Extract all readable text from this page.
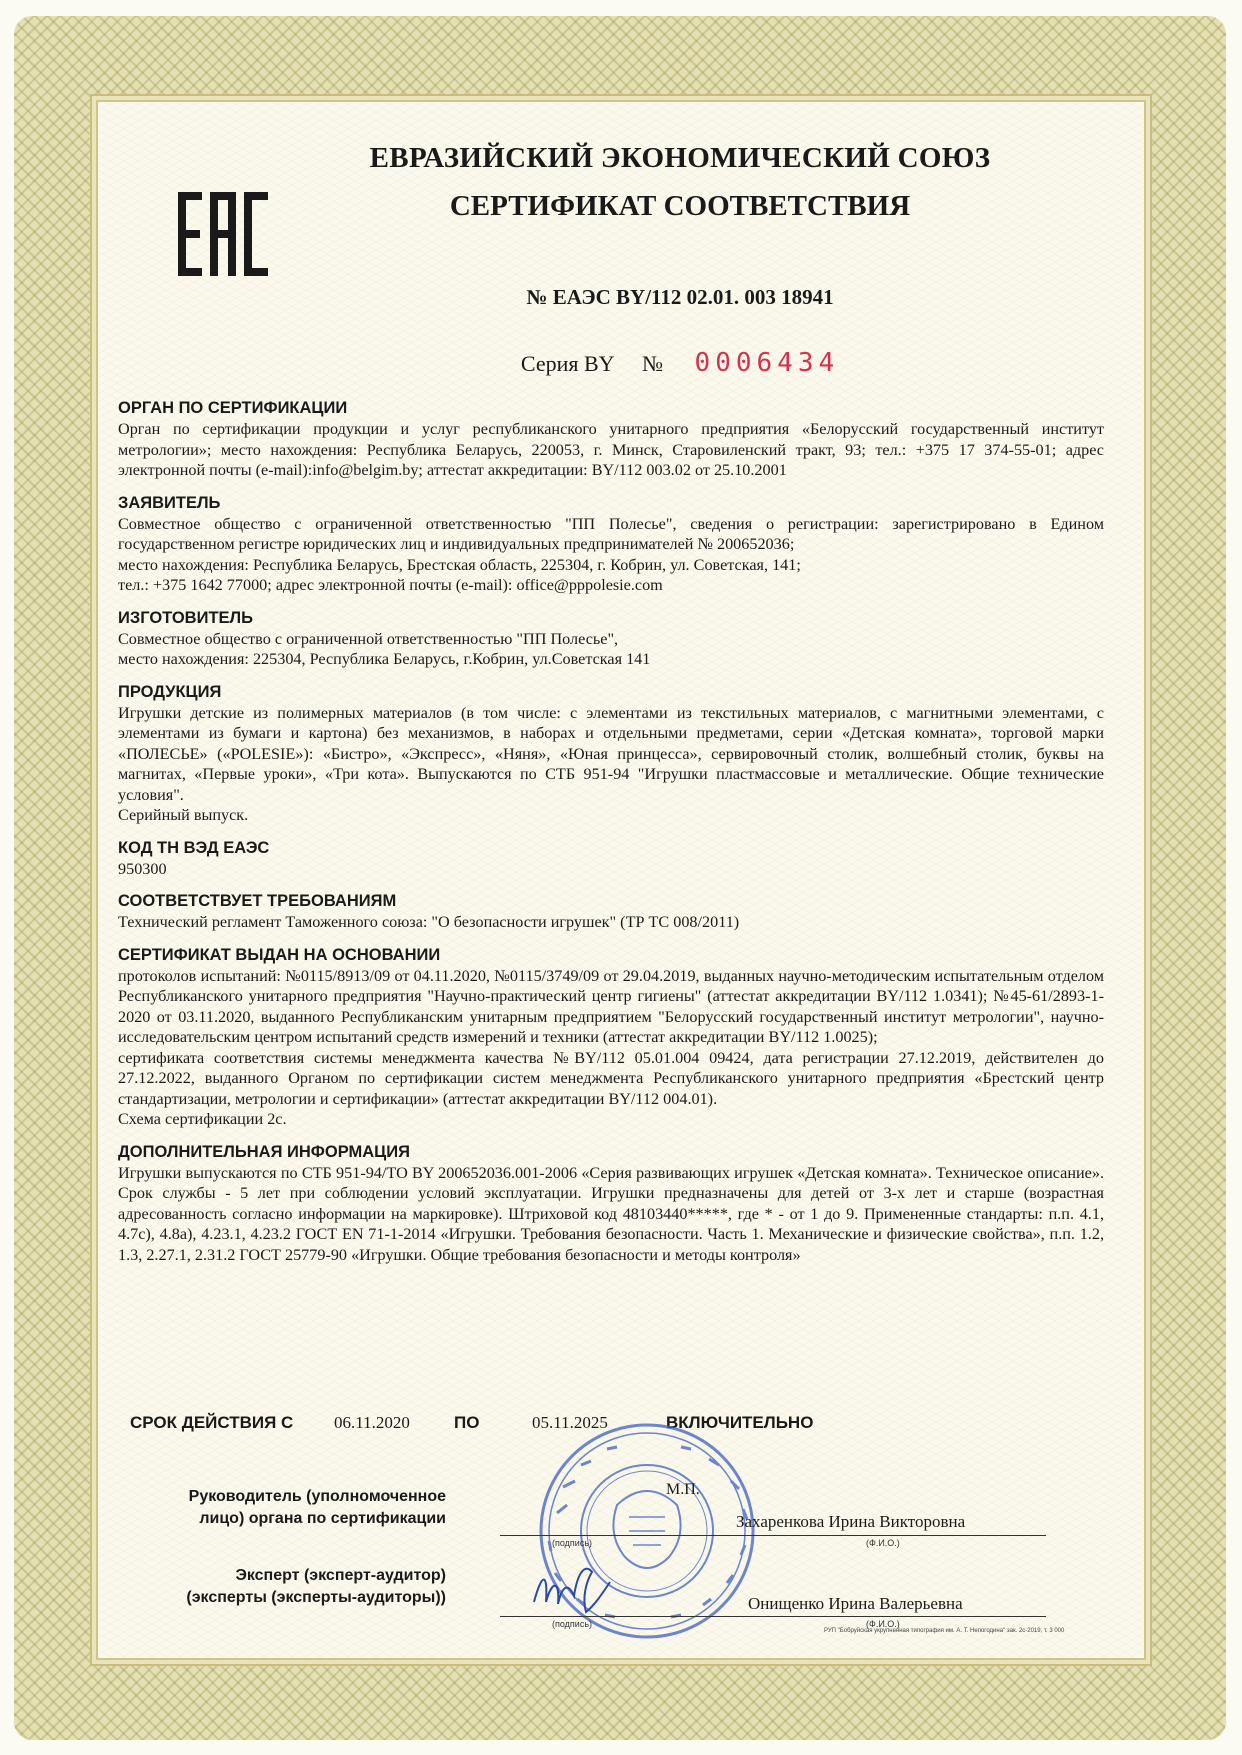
ЕВРАЗИЙСКИЙ ЭКОНОМИЧЕСКИЙ СОЮЗ
СЕРТИФИКАТ СООТВЕТСТВИЯ
№ ЕАЭС BY/112 02.01. 003 18941
Серия BY № 0006434
ОРГАН ПО СЕРТИФИКАЦИИ

Орган по сертификации продукции и услуг республиканского унитарного предприятия «Белорусский государственный институт метрологии»; место нахождения: Республика Беларусь, 220053, г. Минск, Старовиленский тракт, 93; тел.: +375 17 374-55-01; адрес электронной почты (e-mail):info@belgim.by; аттестат аккредитации: BY/112 003.02 от 25.10.2001

ЗАЯВИТЕЛЬ

Совместное общество с ограниченной ответственностью "ПП Полесье", сведения о регистрации: зарегистрировано в Едином государственном регистре юридических лиц и индивидуальных предпринимателей № 200652036;

место нахождения: Республика Беларусь, Брестская область, 225304, г. Кобрин, ул. Советская, 141;

тел.: +375 1642 77000; адрес электронной почты (e-mail): office@pppolesie.com

ИЗГОТОВИТЕЛЬ

Совместное общество с ограниченной ответственностью "ПП Полесье",

место нахождения: 225304, Республика Беларусь, г.Кобрин, ул.Советская 141

ПРОДУКЦИЯ

Игрушки детские из полимерных материалов (в том числе: с элементами из текстильных материалов, с магнитными элементами, с элементами из бумаги и картона) без механизмов, в наборах и отдельными предметами, серии «Детская комната», торговой марки «ПОЛЕСЬЕ» («POLESIE»): «Бистро», «Экспресс», «Няня», «Юная принцесса», сервировочный столик, волшебный столик, буквы на магнитах, «Первые уроки», «Три кота». Выпускаются по СТБ 951-94 "Игрушки пластмассовые и металлические. Общие технические условия".

Серийный выпуск.

КОД ТН ВЭД ЕАЭС

950300

СООТВЕТСТВУЕТ ТРЕБОВАНИЯМ

Технический регламент Таможенного союза: "О безопасности игрушек" (ТР ТС 008/2011)

СЕРТИФИКАТ ВЫДАН НА ОСНОВАНИИ

протоколов испытаний: №0115/8913/09 от 04.11.2020, №0115/3749/09 от 29.04.2019, выданных научно-методическим испытательным отделом Республиканского унитарного предприятия "Научно-практический центр гигиены" (аттестат аккредитации BY/112 1.0341); №45-61/2893-1-2020 от 03.11.2020, выданного Республиканским унитарным предприятием "Белорусский государственный институт метрологии", научно-исследовательским центром испытаний средств измерений и техники (аттестат аккредитации BY/112 1.0025);

сертификата соответствия системы менеджмента качества №BY/112 05.01.004 09424, дата регистрации 27.12.2019, действителен до 27.12.2022, выданного Органом по сертификации систем менеджмента Республиканского унитарного предприятия «Брестский центр стандартизации, метрологии и сертификации» (аттестат аккредитации BY/112 004.01).

Схема сертификации 2с.

ДОПОЛНИТЕЛЬНАЯ ИНФОРМАЦИЯ

Игрушки выпускаются по СТБ 951-94/ТО BY 200652036.001-2006 «Серия развивающих игрушек «Детская комната». Техническое описание». Срок службы - 5 лет при соблюдении условий эксплуатации. Игрушки предназначены для детей от 3-х лет и старше (возрастная адресованность согласно информации на маркировке). Штриховой код 48103440*****, где * - от 1 до 9. Примененные стандарты: п.п. 4.1, 4.7с), 4.8а), 4.23.1, 4.23.2 ГОСТ EN 71-1-2014 «Игрушки. Требования безопасности. Часть 1. Механические и физические свойства», п.п. 1.2, 1.3, 2.27.1, 2.31.2 ГОСТ 25779-90 «Игрушки. Общие требования безопасности и методы контроля»

СРОК ДЕЙСТВИЯ С 06.11.2020	ПО	05.11.2025	ВКЛЮЧИТЕЛЬНО
Руководитель (уполномоченное
лицо) органа по сертификации
М.П.
Захаренкова Ирина Викторовна
(подпись)	(Ф.И.О.)
Эксперт (эксперт-аудитор)
(эксперты (эксперты-аудиторы))	Онищенко Ирина Валерьевна
(подпись)	(Ф.И.О.)
РУП "Бобруйская укрупненная типография им. А. Т. Непогодина" зак. 2с-2019, т. 3 000
